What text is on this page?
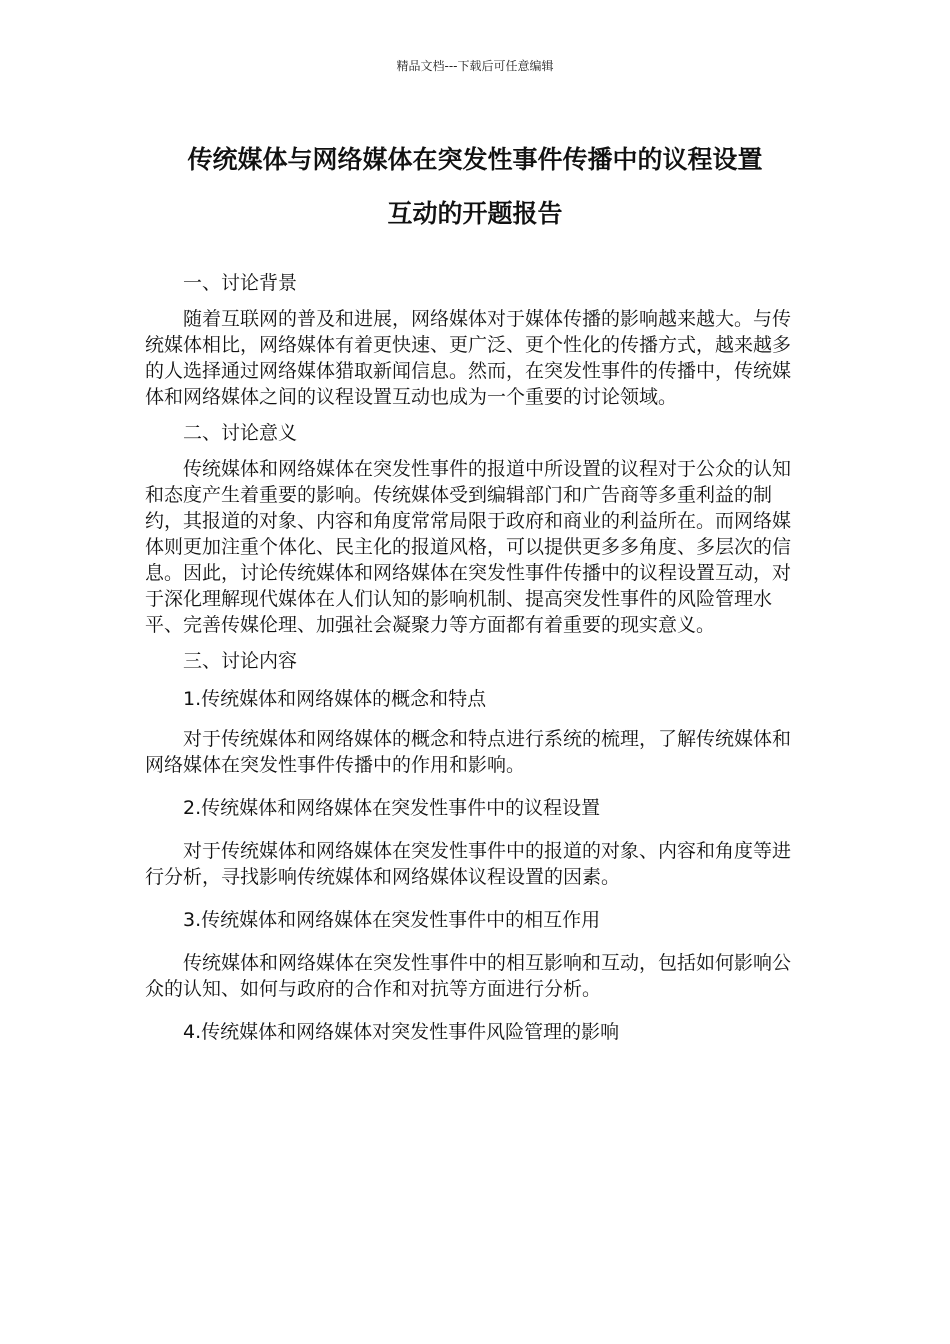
精品文档---下载后可任意编辑
传统媒体与网络媒体在突发性事件传播中的议程设置
互动的开题报告

一、讨论背景

随着互联网的普及和进展，网络媒体对于媒体传播的影响越来越大。与传统媒体相比，网络媒体有着更快速、更广泛、更个性化的传播方式，越来越多的人选择通过网络媒体猎取新闻信息。然而，在突发性事件的传播中，传统媒体和网络媒体之间的议程设置互动也成为一个重要的讨论领域。

二、讨论意义

传统媒体和网络媒体在突发性事件的报道中所设置的议程对于公众的认知和态度产生着重要的影响。传统媒体受到编辑部门和广告商等多重利益的制约，其报道的对象、内容和角度常常局限于政府和商业的利益所在。而网络媒体则更加注重个体化、民主化的报道风格，可以提供更多多角度、多层次的信息。因此，讨论传统媒体和网络媒体在突发性事件传播中的议程设置互动，对于深化理解现代媒体在人们认知的影响机制、提高突发性事件的风险管理水平、完善传媒伦理、加强社会凝聚力等方面都有着重要的现实意义。

三、讨论内容

1.传统媒体和网络媒体的概念和特点

对于传统媒体和网络媒体的概念和特点进行系统的梳理，了解传统媒体和网络媒体在突发性事件传播中的作用和影响。

2.传统媒体和网络媒体在突发性事件中的议程设置

对于传统媒体和网络媒体在突发性事件中的报道的对象、内容和角度等进行分析，寻找影响传统媒体和网络媒体议程设置的因素。

3.传统媒体和网络媒体在突发性事件中的相互作用

传统媒体和网络媒体在突发性事件中的相互影响和互动，包括如何影响公众的认知、如何与政府的合作和对抗等方面进行分析。

4.传统媒体和网络媒体对突发性事件风险管理的影响
